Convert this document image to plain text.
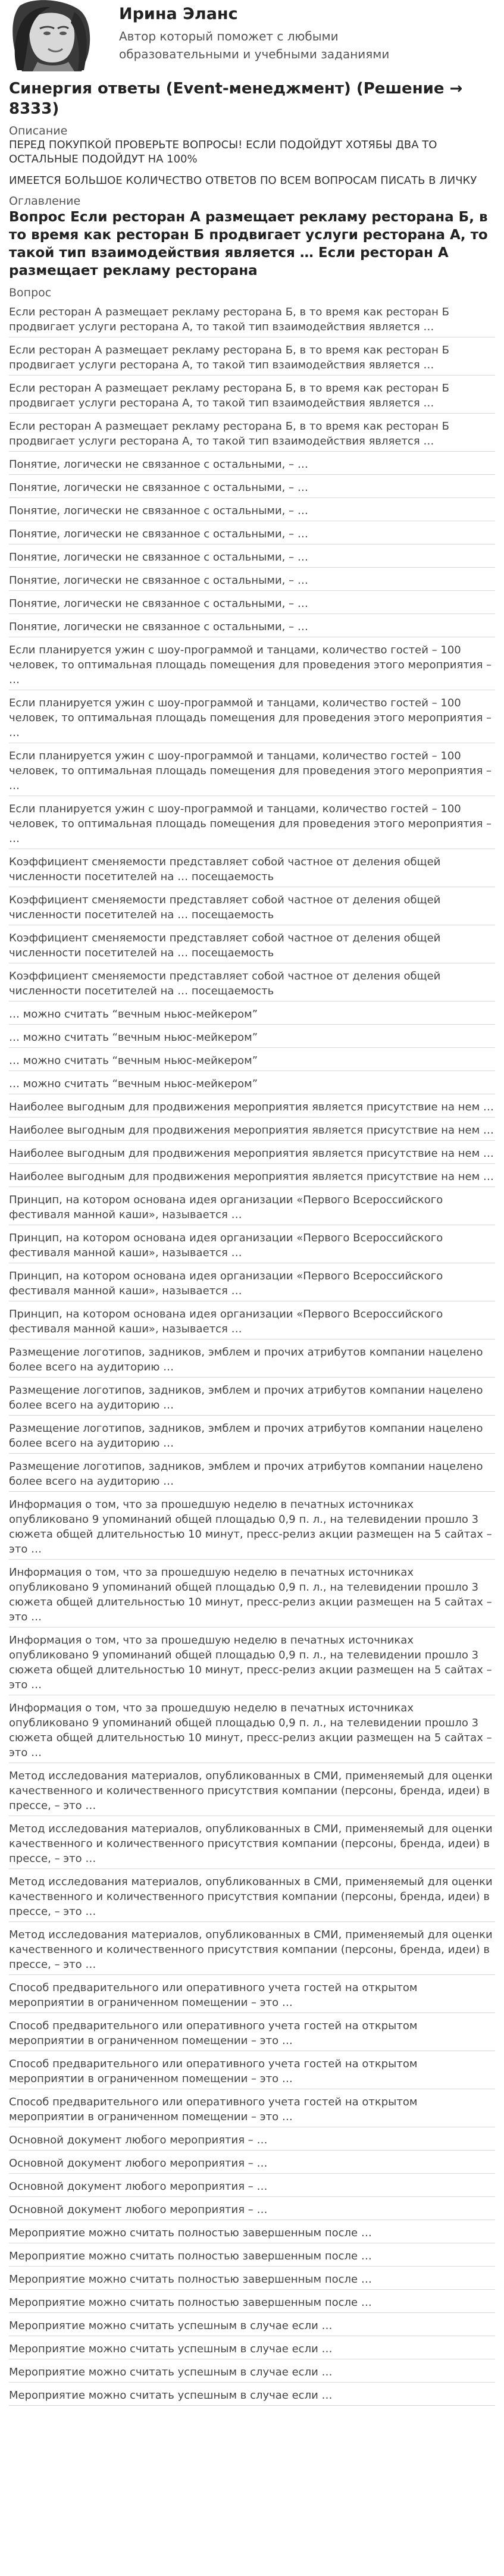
Ирина Эланс
Автор который поможет с любыми образовательными и учебными заданиями
Синергия ответы (Event-менеджмент) (Решение → 8333)
Описание

ПЕРЕД ПОКУПКОЙ ПРОВЕРЬТЕ ВОПРОСЫ! ЕСЛИ ПОДОЙДУТ ХОТЯБЫ ДВА ТО ОСТАЛЬНЫЕ ПОДОЙДУТ НА 100%

ИМЕЕТСЯ БОЛЬШОЕ КОЛИЧЕСТВО ОТВЕТОВ ПО ВСЕМ ВОПРОСАМ ПИСАТЬ В ЛИЧКУ

Оглавление
Вопрос Если ресторан А размещает рекламу ресторана Б, в то время как ресторан Б продвигает услуги ресторана А, то такой тип взаимодействия является … Если ресторан А размещает рекламу ресторана
Вопрос
Если ресторан А размещает рекламу ресторана Б, в то время как ресторан Б продвигает услуги ресторана А, то такой тип взаимодействия является …
Если ресторан А размещает рекламу ресторана Б, в то время как ресторан Б продвигает услуги ресторана А, то такой тип взаимодействия является …
Если ресторан А размещает рекламу ресторана Б, в то время как ресторан Б продвигает услуги ресторана А, то такой тип взаимодействия является …
Если ресторан А размещает рекламу ресторана Б, в то время как ресторан Б продвигает услуги ресторана А, то такой тип взаимодействия является …
Понятие, логически не связанное с остальными, – …
Понятие, логически не связанное с остальными, – …
Понятие, логически не связанное с остальными, – …
Понятие, логически не связанное с остальными, – …
Понятие, логически не связанное с остальными, – …
Понятие, логически не связанное с остальными, – …
Понятие, логически не связанное с остальными, – …
Понятие, логически не связанное с остальными, – …
Если планируется ужин с шоу-программой и танцами, количество гостей – 100 человек, то оптимальная площадь помещения для проведения этого мероприятия – …
Если планируется ужин с шоу-программой и танцами, количество гостей – 100 человек, то оптимальная площадь помещения для проведения этого мероприятия – …
Если планируется ужин с шоу-программой и танцами, количество гостей – 100 человек, то оптимальная площадь помещения для проведения этого мероприятия – …
Если планируется ужин с шоу-программой и танцами, количество гостей – 100 человек, то оптимальная площадь помещения для проведения этого мероприятия – …
Коэффициент сменяемости представляет собой частное от деления общей численности посетителей на … посещаемость
Коэффициент сменяемости представляет собой частное от деления общей численности посетителей на … посещаемость
Коэффициент сменяемости представляет собой частное от деления общей численности посетителей на … посещаемость
Коэффициент сменяемости представляет собой частное от деления общей численности посетителей на … посещаемость
… можно считать “вечным ньюс-мейкером”
… можно считать “вечным ньюс-мейкером”
… можно считать “вечным ньюс-мейкером”
… можно считать “вечным ньюс-мейкером”
Наиболее выгодным для продвижения мероприятия является присутствие на нем …
Наиболее выгодным для продвижения мероприятия является присутствие на нем …
Наиболее выгодным для продвижения мероприятия является присутствие на нем …
Наиболее выгодным для продвижения мероприятия является присутствие на нем …
Принцип, на котором основана идея организации «Первого Всероссийского фестиваля манной каши», называется …
Принцип, на котором основана идея организации «Первого Всероссийского фестиваля манной каши», называется …
Принцип, на котором основана идея организации «Первого Всероссийского фестиваля манной каши», называется …
Принцип, на котором основана идея организации «Первого Всероссийского фестиваля манной каши», называется …
Размещение логотипов, задников, эмблем и прочих атрибутов компании нацелено более всего на аудиторию …
Размещение логотипов, задников, эмблем и прочих атрибутов компании нацелено более всего на аудиторию …
Размещение логотипов, задников, эмблем и прочих атрибутов компании нацелено более всего на аудиторию …
Размещение логотипов, задников, эмблем и прочих атрибутов компании нацелено более всего на аудиторию …
Информация о том, что за прошедшую неделю в печатных источниках опубликовано 9 упоминаний общей площадью 0,9 п. л., на телевидении прошло 3 сюжета общей длительностью 10 минут, пресс-релиз акции размещен на 5 сайтах – это …
Информация о том, что за прошедшую неделю в печатных источниках опубликовано 9 упоминаний общей площадью 0,9 п. л., на телевидении прошло 3 сюжета общей длительностью 10 минут, пресс-релиз акции размещен на 5 сайтах – это …
Информация о том, что за прошедшую неделю в печатных источниках опубликовано 9 упоминаний общей площадью 0,9 п. л., на телевидении прошло 3 сюжета общей длительностью 10 минут, пресс-релиз акции размещен на 5 сайтах – это …
Информация о том, что за прошедшую неделю в печатных источниках опубликовано 9 упоминаний общей площадью 0,9 п. л., на телевидении прошло 3 сюжета общей длительностью 10 минут, пресс-релиз акции размещен на 5 сайтах – это …
Метод исследования материалов, опубликованных в СМИ, применяемый для оценки качественного и количественного присутствия компании (персоны, бренда, идеи) в прессе, – это …
Метод исследования материалов, опубликованных в СМИ, применяемый для оценки качественного и количественного присутствия компании (персоны, бренда, идеи) в прессе, – это …
Метод исследования материалов, опубликованных в СМИ, применяемый для оценки качественного и количественного присутствия компании (персоны, бренда, идеи) в прессе, – это …
Метод исследования материалов, опубликованных в СМИ, применяемый для оценки качественного и количественного присутствия компании (персоны, бренда, идеи) в прессе, – это …
Способ предварительного или оперативного учета гостей на открытом мероприятии в ограниченном помещении – это …
Способ предварительного или оперативного учета гостей на открытом мероприятии в ограниченном помещении – это …
Способ предварительного или оперативного учета гостей на открытом мероприятии в ограниченном помещении – это …
Способ предварительного или оперативного учета гостей на открытом мероприятии в ограниченном помещении – это …
Основной документ любого мероприятия – …
Основной документ любого мероприятия – …
Основной документ любого мероприятия – …
Основной документ любого мероприятия – …
Мероприятие можно считать полностью завершенным после …
Мероприятие можно считать полностью завершенным после …
Мероприятие можно считать полностью завершенным после …
Мероприятие можно считать полностью завершенным после …
Мероприятие можно считать успешным в случае если …
Мероприятие можно считать успешным в случае если …
Мероприятие можно считать успешным в случае если …
Мероприятие можно считать успешным в случае если …
